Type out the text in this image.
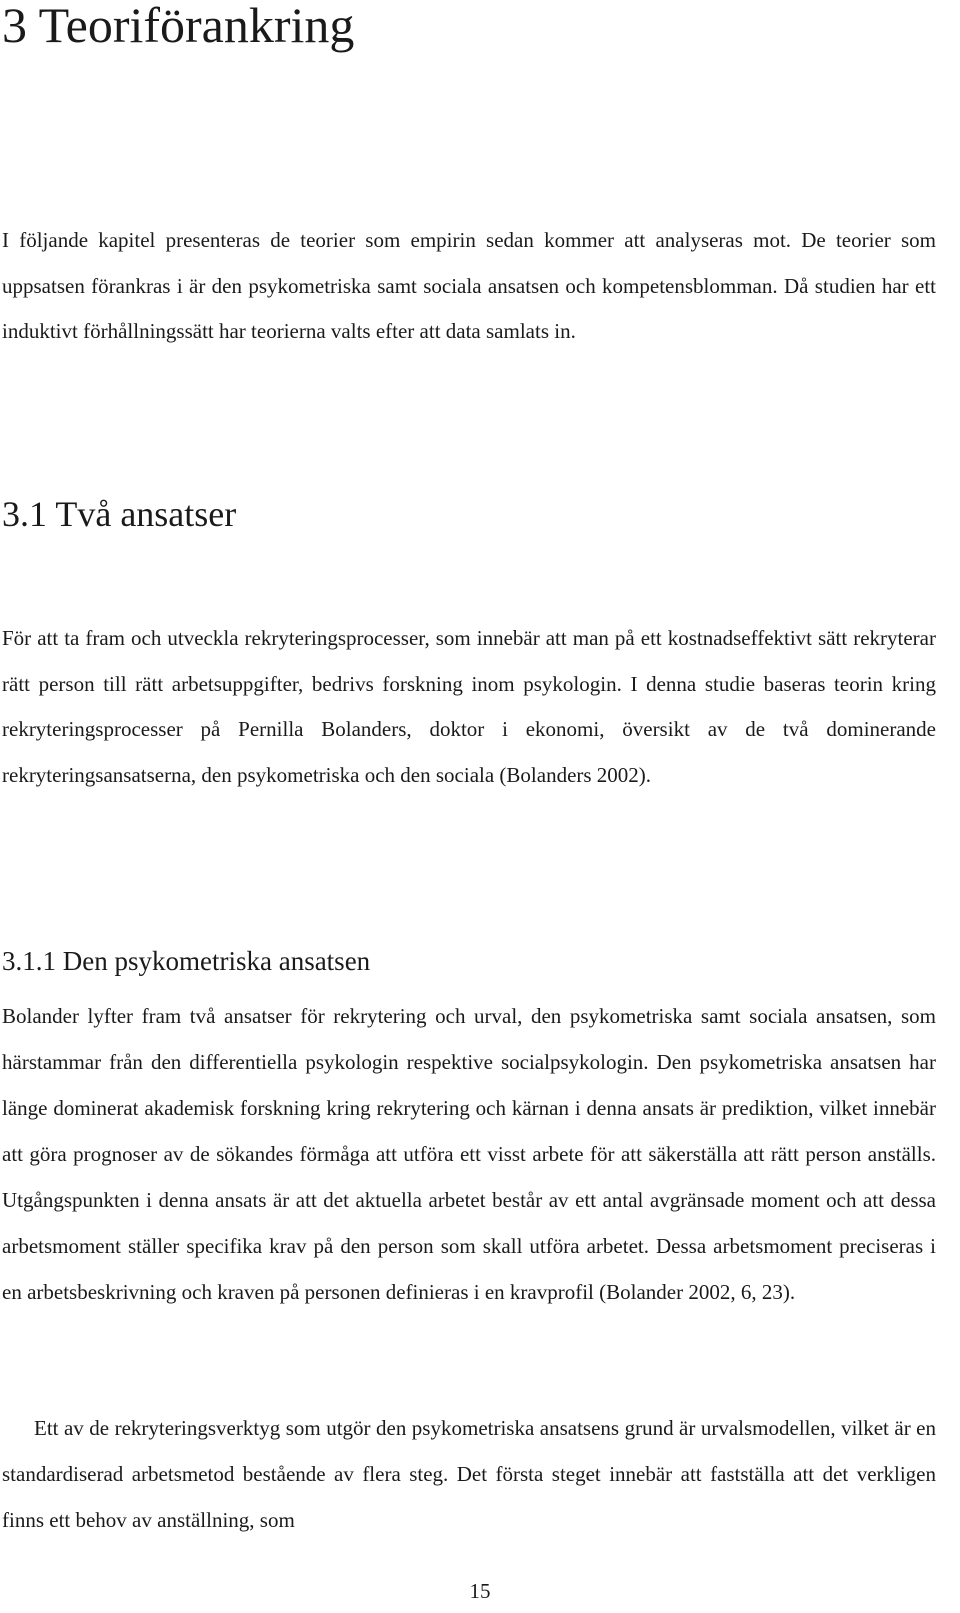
3 Teoriförankring

I följande kapitel presenteras de teorier som empirin sedan kommer att analyseras mot. De teorier som uppsatsen förankras i är den psykometriska samt sociala ansatsen och kompetensblomman. Då studien har ett induktivt förhållningssätt har teorierna valts efter att data samlats in.

3.1 Två ansatser

För att ta fram och utveckla rekryteringsprocesser, som innebär att man på ett kostnadseffektivt sätt rekryterar rätt person till rätt arbetsuppgifter, bedrivs forskning inom psykologin. I denna studie baseras teorin kring rekryteringsprocesser på Pernilla Bolanders, doktor i ekonomi, översikt av de två dominerande rekryteringsansatserna, den psykometriska och den sociala (Bolanders 2002).

3.1.1 Den psykometriska ansatsen

Bolander lyfter fram två ansatser för rekrytering och urval, den psykometriska samt sociala ansatsen, som härstammar från den differentiella psykologin respektive socialpsykologin. Den psykometriska ansatsen har länge dominerat akademisk forskning kring rekrytering och kärnan i denna ansats är prediktion, vilket innebär att göra prognoser av de sökandes förmåga att utföra ett visst arbete för att säkerställa att rätt person anställs. Utgångspunkten i denna ansats är att det aktuella arbetet består av ett antal avgränsade moment och att dessa arbetsmoment ställer specifika krav på den person som skall utföra arbetet. Dessa arbetsmoment preciseras i en arbetsbeskrivning och kraven på personen definieras i en kravprofil (Bolander 2002, 6, 23).

Ett av de rekryteringsverktyg som utgör den psykometriska ansatsens grund är urvalsmodellen, vilket är en standardiserad arbetsmetod bestående av flera steg. Det första steget innebär att fastställa att det verkligen finns ett behov av anställning, som

15
